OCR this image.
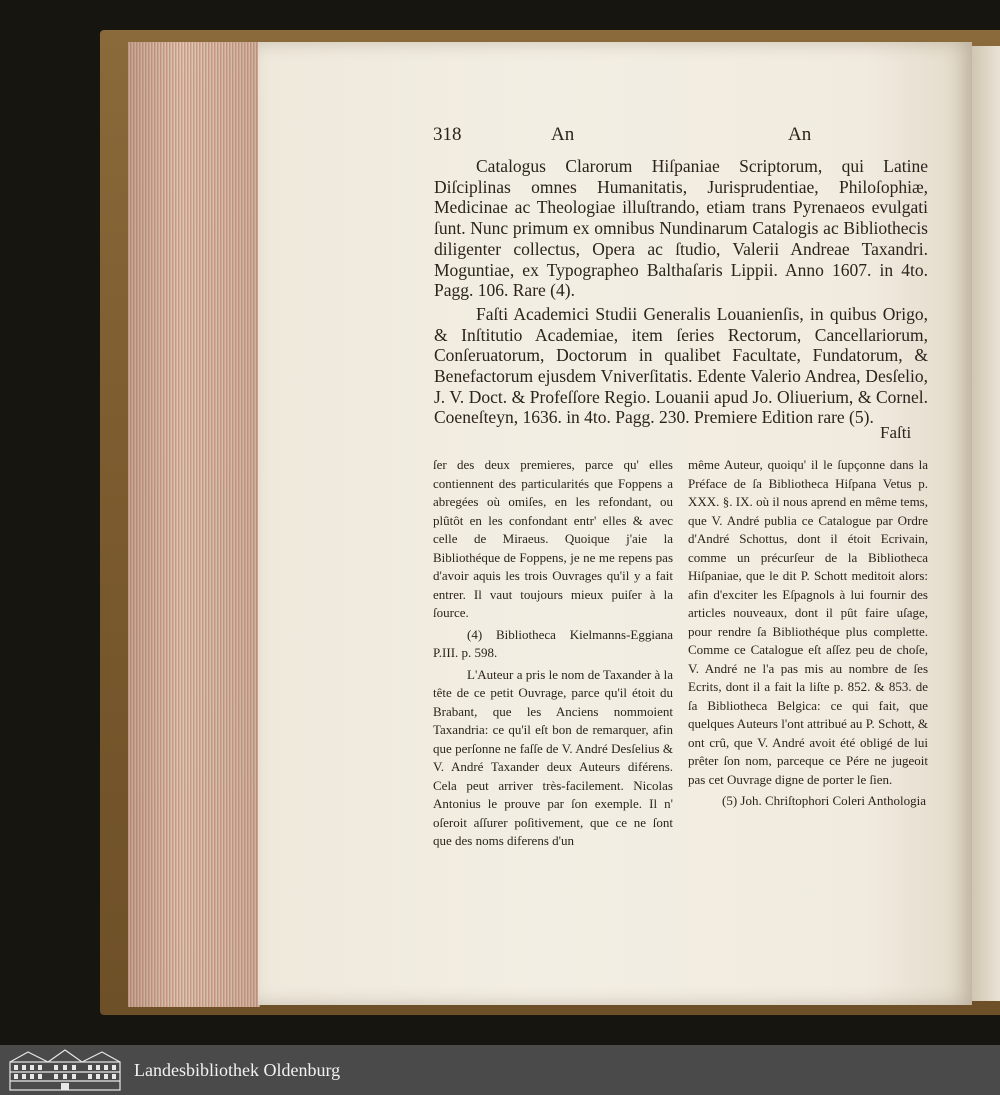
318	An	An

Catalogus Clarorum Hiſpaniae Scriptorum, qui Latine Diſciplinas omnes Humanitatis, Jurisprudentiae, Philoſophiæ, Medicinae ac Theologiae illuſtrando, etiam trans Pyrenaeos evulgati ſunt. Nunc primum ex omnibus Nundinarum Catalogis ac Bibliothecis diligenter collectus, Opera ac ſtudio, Valerii Andreae Taxandri. Moguntiae, ex Typographeo Balthaſaris Lippii. Anno 1607. in 4to. Pagg. 106. Rare (4).

Faſti Academici Studii Generalis Louanienſis, in quibus Origo, & Inſtitutio Academiae, item ſeries Rectorum, Cancellariorum, Conſeruatorum, Doctorum in qualibet Facultate, Fundatorum, & Benefactorum ejusdem Vniverſitatis. Edente Valerio Andrea, Desſelio, J. V. Doct. & Profeſſore Regio. Louanii apud Jo. Oliuerium, & Cornel. Coeneſteyn, 1636. in 4to. Pagg. 230. Premiere Edition rare (5).

Faſti

ſer des deux premieres, parce qu' elles contiennent des particularités que Foppens a abregées où omiſes, en les refondant, ou plûtôt en les confondant entr' elles & avec celle de Miraeus. Quoique j'aie la Bibliothéque de Foppens, je ne me repens pas d'avoir aquis les trois Ouvrages qu'il y a fait entrer. Il vaut toujours mieux puiſer à la ſource.

(4) Bibliotheca Kielmanns-Eggiana P.III. p. 598.

L'Auteur a pris le nom de Taxander à la tête de ce petit Ouvrage, parce qu'il étoit du Brabant, que les Anciens nommoient Taxandria: ce qu'il eſt bon de remarquer, afin que perſonne ne faſſe de V. André Desſelius & V. André Taxander deux Auteurs diférens. Cela peut arriver très-facilement. Nicolas Antonius le prouve par ſon exemple. Il n' oſeroit aſſurer poſitivement, que ce ne ſont que des noms diferens d'un

même Auteur, quoiqu' il le ſupçonne dans la Préface de ſa Bibliotheca Hiſpana Vetus p. XXX. §. IX. où il nous aprend en même tems, que V. André publia ce Catalogue par Ordre d'André Schottus, dont il étoit Ecrivain, comme un précurſeur de la Bibliotheca Hiſpaniae, que le dit P. Schott meditoit alors: afin d'exciter les Eſpagnols à lui fournir des articles nouveaux, dont il pût faire uſage, pour rendre ſa Bibliothéque plus complette. Comme ce Catalogue eſt aſſez peu de choſe, V. André ne l'a pas mis au nombre de ſes Ecrits, dont il a fait la liſte p. 852. & 853. de ſa Bibliotheca Belgica: ce qui fait, que quelques Auteurs l'ont attribué au P. Schott, & ont crû, que V. André avoit été obligé de lui prêter ſon nom, parceque ce Pére ne jugeoit pas cet Ouvrage digne de porter le ſien.

(5) Joh. Chriſtophori Coleri Anthologia

Landesbibliothek Oldenburg
